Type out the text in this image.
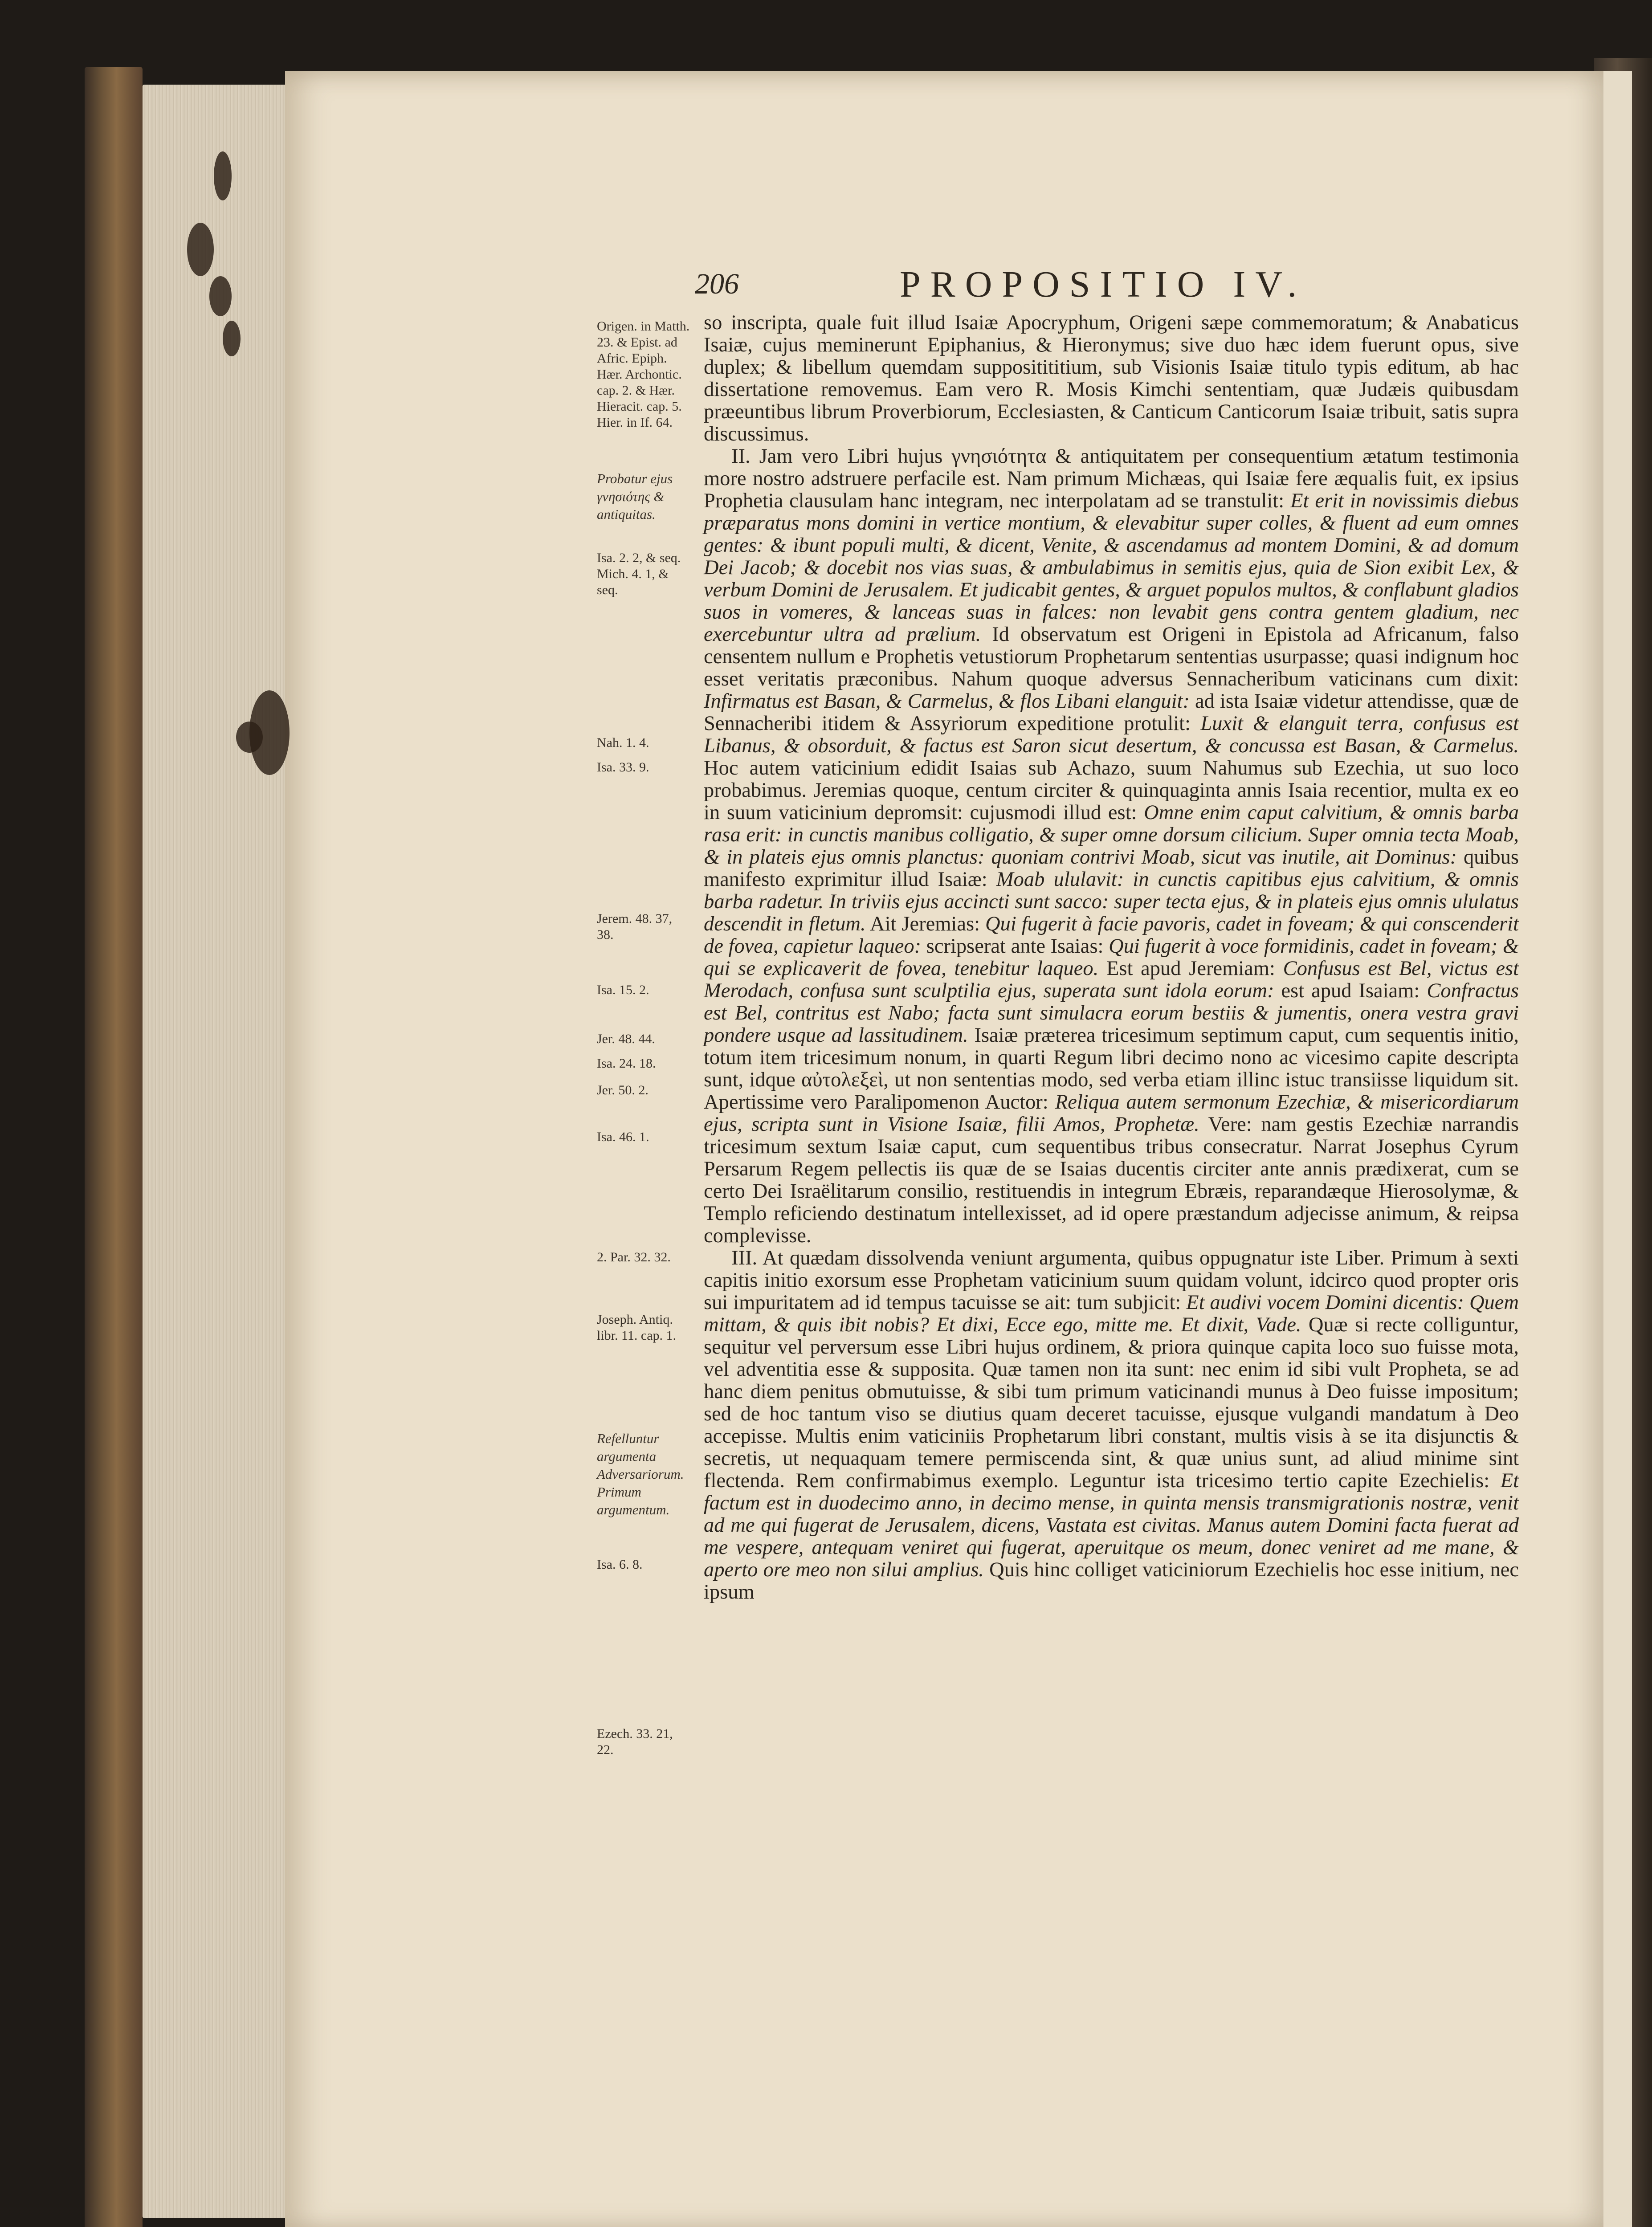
206	PROPOSITIO IV.
Origen. in Matth. 23. & Epist. ad Afric. Epiph. Hær. Archontic. cap. 2. & Hær. Hieracit. cap. 5. Hier. in If. 64.
Probatur ejus γνησιότης & antiquitas.
Isa. 2. 2, & seq. Mich. 4. 1, & seq.
Nah. 1. 4.
Isa. 33. 9.
Jerem. 48. 37, 38.
Isa. 15. 2.
Jer. 48. 44.
Isa. 24. 18.
Jer. 50. 2.
Isa. 46. 1.
2. Par. 32. 32.
Joseph. Antiq. libr. 11. cap. 1.
Refelluntur argumenta Adversariorum. Primum argumentum.
Isa. 6. 8.
Ezech. 33. 21, 22.

so inscripta, quale fuit illud Isaiæ Apocryphum, Origeni sæpe commemoratum; & Anabaticus Isaiæ, cujus meminerunt Epiphanius, & Hieronymus; sive duo hæc idem fuerunt opus, sive duplex; & libellum quemdam suppositititium, sub Visionis Isaiæ titulo typis editum, ab hac dissertatione removemus. Eam vero R. Mosis Kimchi sententiam, quæ Judæis quibusdam præeuntibus librum Proverbiorum, Ecclesiasten, & Canticum Canticorum Isaiæ tribuit, satis supra discussimus.

II. Jam vero Libri hujus γνησιότητα & antiquitatem per consequentium ætatum testimonia more nostro adstruere perfacile est. Nam primum Michæas, qui Isaiæ fere æqualis fuit, ex ipsius Prophetia clausulam hanc integram, nec interpolatam ad se transtulit: Et erit in novissimis diebus præparatus mons domini in vertice montium, & elevabitur super colles, & fluent ad eum omnes gentes: & ibunt populi multi, & dicent, Venite, & ascendamus ad montem Domini, & ad domum Dei Jacob; & docebit nos vias suas, & ambulabimus in semitis ejus, quia de Sion exibit Lex, & verbum Domini de Jerusalem. Et judicabit gentes, & arguet populos multos, & conflabunt gladios suos in vomeres, & lanceas suas in falces: non levabit gens contra gentem gladium, nec exercebuntur ultra ad prælium. Id observatum est Origeni in Epistola ad Africanum, falso censentem nullum e Prophetis vetustiorum Prophetarum sententias usurpasse; quasi indignum hoc esset veritatis præconibus. Nahum quoque adversus Sennacheribum vaticinans cum dixit: Infirmatus est Basan, & Carmelus, & flos Libani elanguit: ad ista Isaiæ videtur attendisse, quæ de Sennacheribi itidem & Assyriorum expeditione protulit: Luxit & elanguit terra, confusus est Libanus, & obsorduit, & factus est Saron sicut desertum, & concussa est Basan, & Carmelus. Hoc autem vaticinium edidit Isaias sub Achazo, suum Nahumus sub Ezechia, ut suo loco probabimus. Jeremias quoque, centum circiter & quinquaginta annis Isaia recentior, multa ex eo in suum vaticinium depromsit: cujusmodi illud est: Omne enim caput calvitium, & omnis barba rasa erit: in cunctis manibus colligatio, & super omne dorsum cilicium. Super omnia tecta Moab, & in plateis ejus omnis planctus: quoniam contrivi Moab, sicut vas inutile, ait Dominus: quibus manifesto exprimitur illud Isaiæ: Moab ululavit: in cunctis capitibus ejus calvitium, & omnis barba radetur. In triviis ejus accincti sunt sacco: super tecta ejus, & in plateis ejus omnis ululatus descendit in fletum. Ait Jeremias: Qui fugerit à facie pavoris, cadet in foveam; & qui conscenderit de fovea, capietur laqueo: scripserat ante Isaias: Qui fugerit à voce formidinis, cadet in foveam; & qui se explicaverit de fovea, tenebitur laqueo. Est apud Jeremiam: Confusus est Bel, victus est Merodach, confusa sunt sculptilia ejus, superata sunt idola eorum: est apud Isaiam: Confractus est Bel, contritus est Nabo; facta sunt simulacra eorum bestiis & jumentis, onera vestra gravi pondere usque ad lassitudinem. Isaiæ præterea tricesimum septimum caput, cum sequentis initio, totum item tricesimum nonum, in quarti Regum libri decimo nono ac vicesimo capite descripta sunt, idque αὐτολεξεὶ, ut non sententias modo, sed verba etiam illinc istuc transiisse liquidum sit. Apertissime vero Paralipomenon Auctor: Reliqua autem sermonum Ezechiæ, & misericordiarum ejus, scripta sunt in Visione Isaiæ, filii Amos, Prophetæ. Vere: nam gestis Ezechiæ narrandis tricesimum sextum Isaiæ caput, cum sequentibus tribus consecratur. Narrat Josephus Cyrum Persarum Regem pellectis iis quæ de se Isaias ducentis circiter ante annis prædixerat, cum se certo Dei Israëlitarum consilio, restituendis in integrum Ebræis, reparandæque Hierosolymæ, & Templo reficiendo destinatum intellexisset, ad id opere præstandum adjecisse animum, & reipsa complevisse.

III. At quædam dissolvenda veniunt argumenta, quibus oppugnatur iste Liber. Primum à sexti capitis initio exorsum esse Prophetam vaticinium suum quidam volunt, idcirco quod propter oris sui impuritatem ad id tempus tacuisse se ait: tum subjicit: Et audivi vocem Domini dicentis: Quem mittam, & quis ibit nobis? Et dixi, Ecce ego, mitte me. Et dixit, Vade. Quæ si recte colliguntur, sequitur vel perversum esse Libri hujus ordinem, & priora quinque capita loco suo fuisse mota, vel adventitia esse & supposita. Quæ tamen non ita sunt: nec enim id sibi vult Propheta, se ad hanc diem penitus obmutuisse, & sibi tum primum vaticinandi munus à Deo fuisse impositum; sed de hoc tantum viso se diutius quam deceret tacuisse, ejusque vulgandi mandatum à Deo accepisse. Multis enim vaticiniis Prophetarum libri constant, multis visis à se ita disjunctis & secretis, ut nequaquam temere permiscenda sint, & quæ unius sunt, ad aliud minime sint flectenda. Rem confirmabimus exemplo. Leguntur ista tricesimo tertio capite Ezechielis: Et factum est in duodecimo anno, in decimo mense, in quinta mensis transmigrationis nostræ, venit ad me qui fugerat de Jerusalem, dicens, Vastata est civitas. Manus autem Domini facta fuerat ad me vespere, antequam veniret qui fugerat, aperuitque os meum, donec veniret ad me mane, & aperto ore meo non silui amplius. Quis hinc colliget vaticiniorum Ezechielis hoc esse initium, nec ipsum
